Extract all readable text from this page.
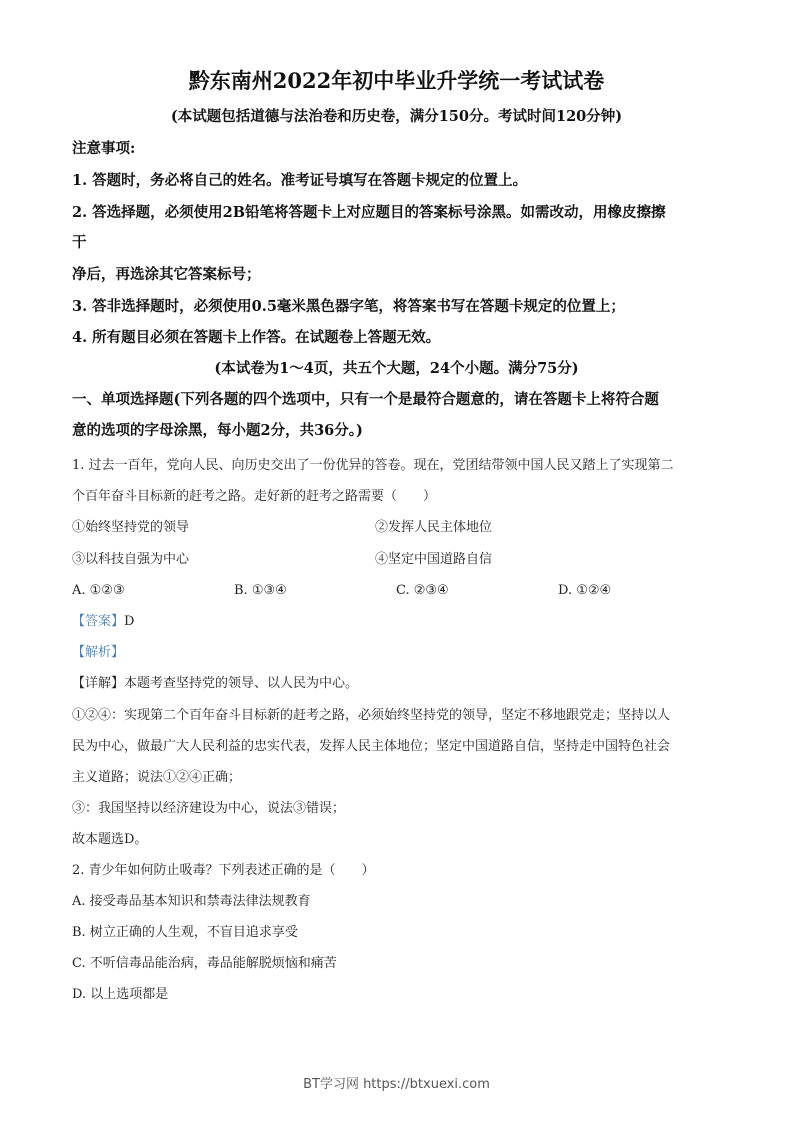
黔东南州2022年初中毕业升学统一考试试卷
(本试题包括道德与法治卷和历史卷，满分150分。考试时间120分钟)
注意事项:
1. 答题时，务必将自己的姓名。准考证号填写在答题卡规定的位置上。
2. 答选择题，必须使用2B铅笔将答题卡上对应题目的答案标号涂黑。如需改动，用橡皮擦擦
干
净后，再选涂其它答案标号；
3. 答非选择题时，必须使用0.5毫米黑色器字笔，将答案书写在答题卡规定的位置上；
4. 所有题目必须在答题卡上作答。在试题卷上答题无效。
(本试卷为1～4页，共五个大题，24个小题。满分75分)
一、单项选择题(下列各题的四个选项中，只有一个是最符合题意的，请在答题卡上将符合题
意的选项的字母涂黑，每小题2分，共36分。)
1. 过去一百年，党向人民、向历史交出了一份优异的答卷。现在，党团结带领中国人民又踏上了实现第二
个百年奋斗目标新的赶考之路。走好新的赶考之路需要（　　）
①始终坚持党的领导	②发挥人民主体地位
③以科技自强为中心	④坚定中国道路自信
A. ①②③	B. ①③④	C. ②③④	D. ①②④
【答案】D
【解析】
【详解】本题考查坚持党的领导、以人民为中心。
①②④：实现第二个百年奋斗目标新的赶考之路，必须始终坚持党的领导，坚定不移地跟党走；坚持以人
民为中心，做最广大人民利益的忠实代表，发挥人民主体地位；坚定中国道路自信，坚持走中国特色社会
主义道路；说法①②④正确；
③：我国坚持以经济建设为中心，说法③错误；
故本题选D。
2. 青少年如何防止吸毒？下列表述正确的是（　　）
A. 接受毒品基本知识和禁毒法律法规教育
B. 树立正确的人生观，不盲目追求享受
C. 不听信毒品能治病，毒品能解脱烦恼和痛苦
D. 以上选项都是
BT学习网 https://btxuexi.com
